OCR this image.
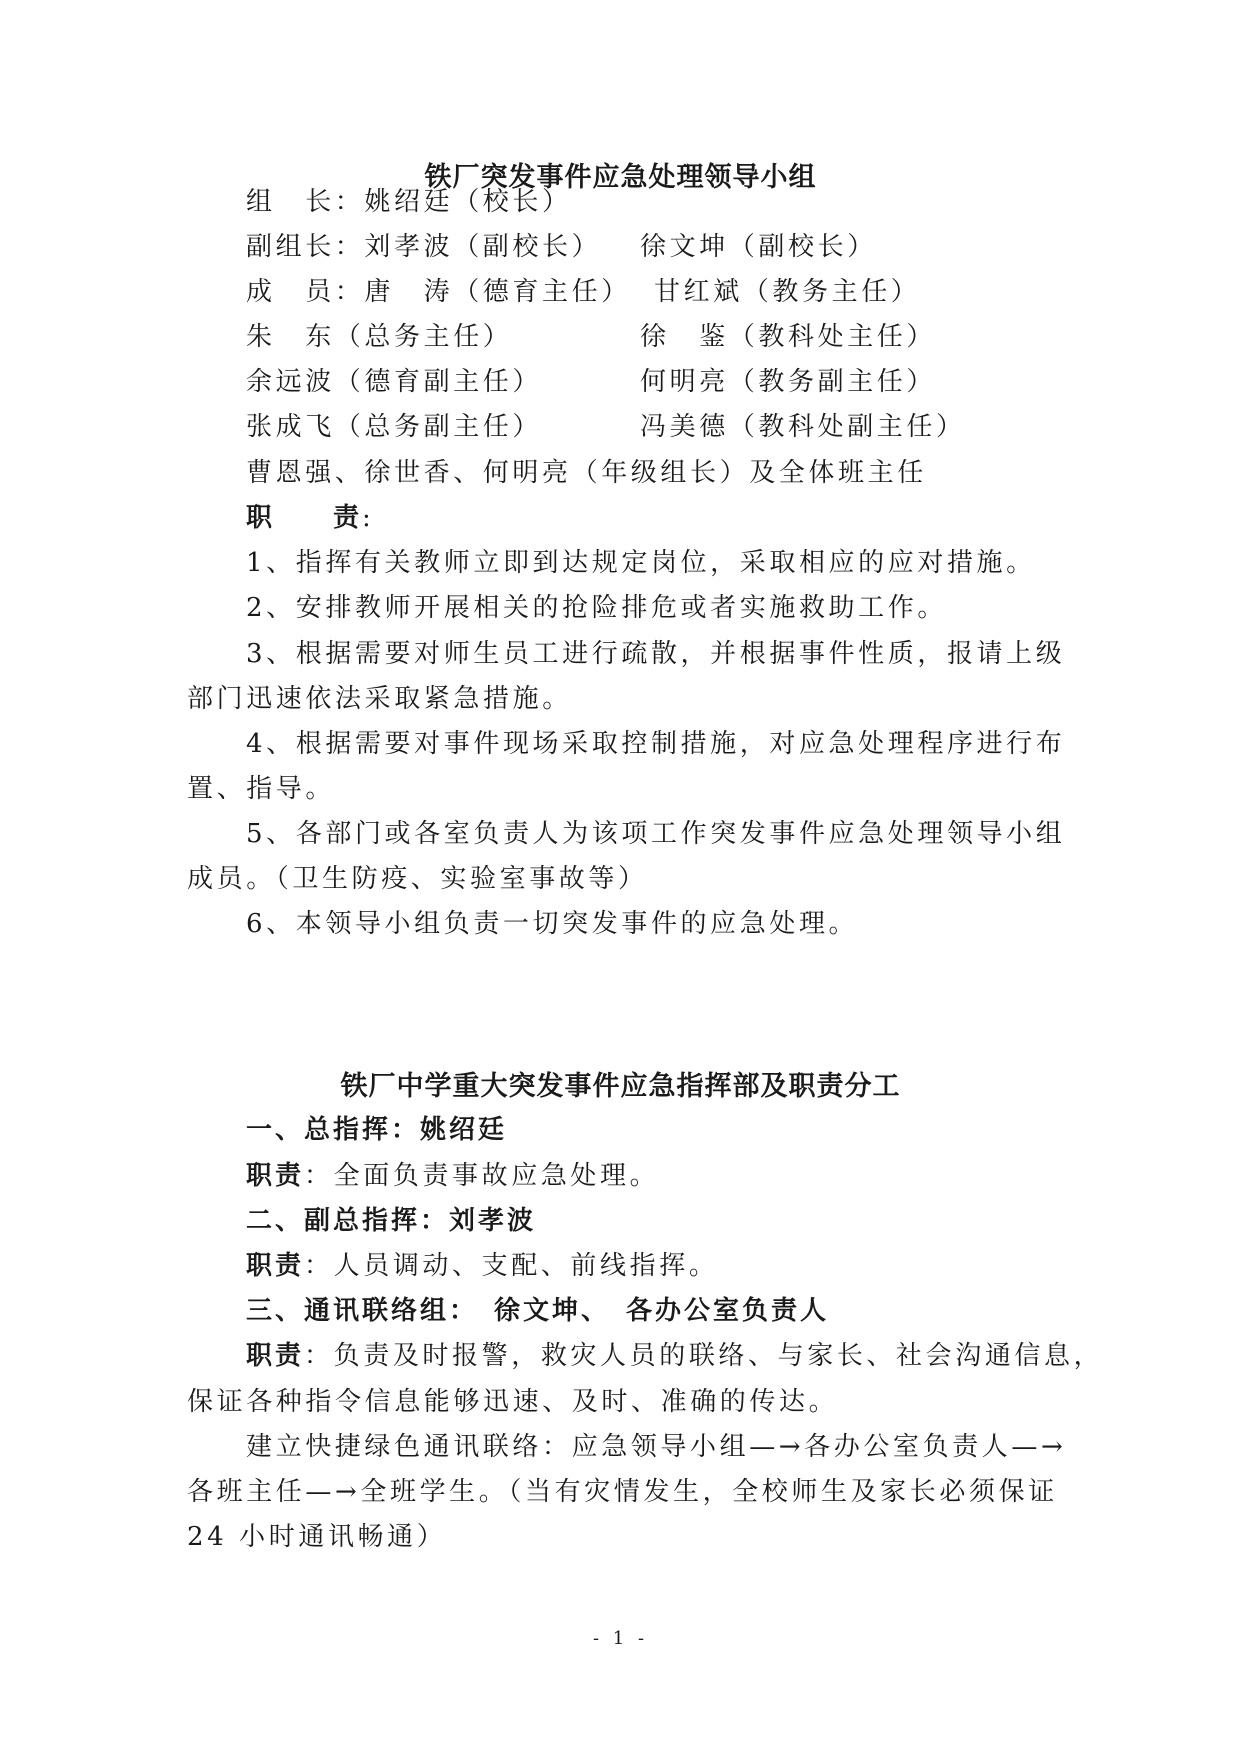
铁厂突发事件应急处理领导小组

组　长：姚绍廷（校长）

副组长：刘孝波（副校长） 徐文坤（副校长）

成　员：唐　涛（德育主任） 甘红斌（教务主任）

朱　东（总务主任）	徐　鉴（教科处主任）

余远波（德育副主任）	何明亮（教务副主任）

张成飞（总务副主任）	冯美德（教科处副主任）

曹恩强、徐世香、何明亮（年级组长）及全体班主任

职　　责:

1、指挥有关教师立即到达规定岗位，采取相应的应对措施。

2、安排教师开展相关的抢险排危或者实施救助工作。

3、根据需要对师生员工进行疏散，并根据事件性质，报请上级

部门迅速依法采取紧急措施。

4、根据需要对事件现场采取控制措施，对应急处理程序进行布

置、指导。

5、各部门或各室负责人为该项工作突发事件应急处理领导小组

成员。（卫生防疫、实验室事故等）

6、本领导小组负责一切突发事件的应急处理。

铁厂中学重大突发事件应急指挥部及职责分工

一、总指挥：姚绍廷

职责：全面负责事故应急处理。

二、副总指挥：刘孝波

职责：人员调动、支配、前线指挥。

三、通讯联络组：　徐文坤、　各办公室负责人

职责：负责及时报警，救灾人员的联络、与家长、社会沟通信息，

保证各种指令信息能够迅速、及时、准确的传达。

建立快捷绿色通讯联络：应急领导小组—→各办公室负责人—→

各班主任—→全班学生。（当有灾情发生，全校师生及家长必须保证

24 小时通讯畅通）

- 1 -
